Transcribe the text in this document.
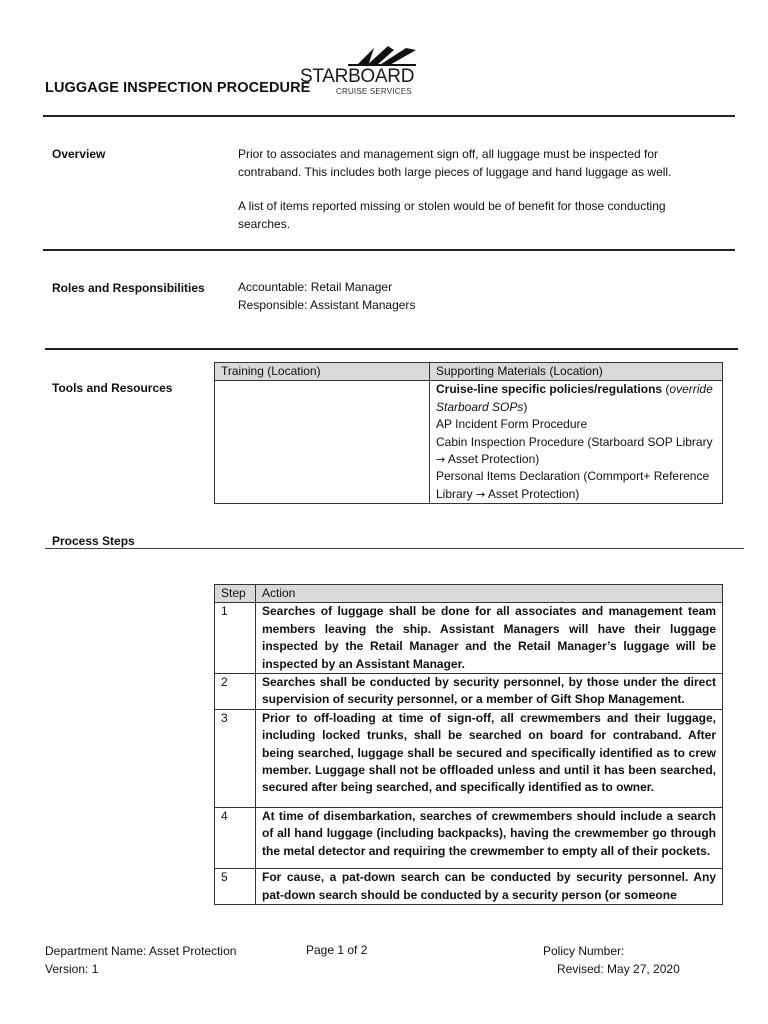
LUGGAGE INSPECTION PROCEDURE
STARBOARD
CRUISE SERVICES
Overview	Prior to associates and management sign off, all luggage must be inspected for
contraband. This includes both large pieces of luggage and hand luggage as well.
A list of items reported missing or stolen would be of benefit for those conducting
searches.
Roles and Responsibilities	Accountable: Retail Manager
Responsible: Assistant Managers
Tools and Resources
Training (Location)	Supporting Materials (Location)

	Cruise-line specific policies/regulations (override Starboard SOPs)
AP Incident Form Procedure
Cabin Inspection Procedure (Starboard SOP Library → Asset Protection)
Personal Items Declaration (Commport+ Reference Library → Asset Protection)
Process Steps
Step	Action
1	Searches of luggage shall be done for all associates and management team members leaving the ship. Assistant Managers will have their luggage inspected by the Retail Manager and the Retail Manager’s luggage will be inspected by an Assistant Manager.
2	Searches shall be conducted by security personnel, by those under the direct supervision of security personnel, or a member of Gift Shop Management.
3	Prior to off-loading at time of sign-off, all crewmembers and their luggage, including locked trunks, shall be searched on board for contraband. After being searched, luggage shall be secured and specifically identified as to crew member. Luggage shall not be offloaded unless and until it has been searched, secured after being searched, and specifically identified as to owner.
4	At time of disembarkation, searches of crewmembers should include a search of all hand luggage (including backpacks), having the crewmember go through the metal detector and requiring the crewmember to empty all of their pockets.
5	For cause, a pat-down search can be conducted by security personnel. Any pat-down search should be conducted by a security person (or someone
Department Name: Asset Protection
Version: 1
Page 1 of 2	Policy Number:
Revised: May 27, 2020
